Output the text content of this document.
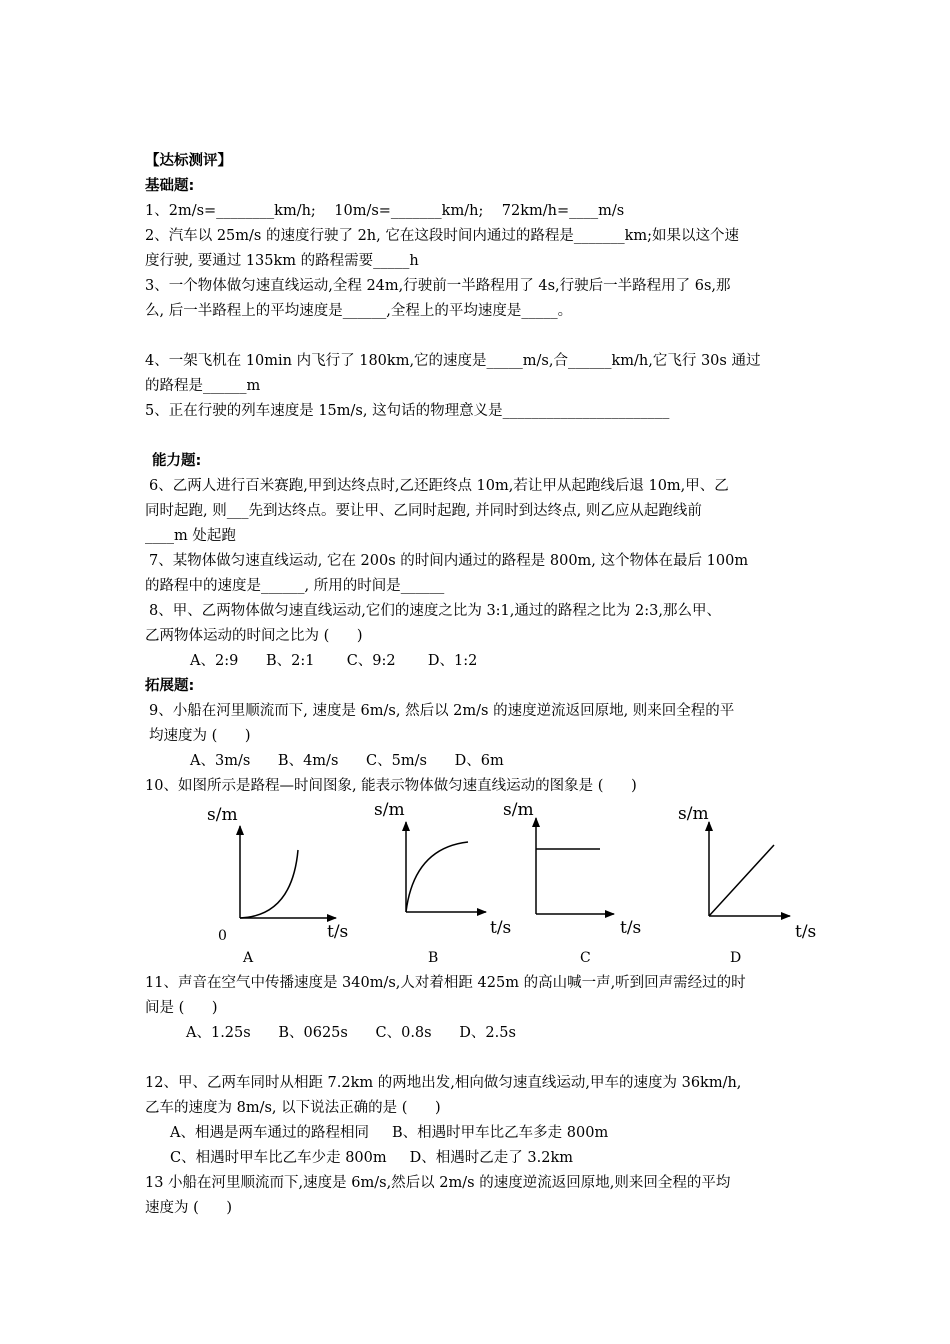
【达标测评】
基础题:
1、2m/s=________km/h;    10m/s=_______km/h;    72km/h=____m/s
2、汽车以 25m/s 的速度行驶了 2h, 它在这段时间内通过的路程是_______km;如果以这个速
度行驶, 要通过 135km 的路程需要_____h
3、一个物体做匀速直线运动,全程 24m,行驶前一半路程用了 4s,行驶后一半路程用了 6s,那
么, 后一半路程上的平均速度是______,全程上的平均速度是_____。
4、一架飞机在 10min 内飞行了 180km,它的速度是_____m/s,合______km/h,它飞行 30s 通过
的路程是______m
5、正在行驶的列车速度是 15m/s, 这句话的物理意义是_______________________
能力题:
6、乙两人进行百米赛跑,甲到达终点时,乙还距终点 10m,若让甲从起跑线后退 10m,甲、乙
同时起跑, 则___先到达终点。要让甲、乙同时起跑, 并同时到达终点, 则乙应从起跑线前
____m 处起跑
7、某物体做匀速直线运动, 它在 200s 的时间内通过的路程是 800m, 这个物体在最后 100m
的路程中的速度是______, 所用的时间是______
8、甲、乙两物体做匀速直线运动,它们的速度之比为 3:1,通过的路程之比为 2:3,那么甲、
乙两物体运动的时间之比为 (      )
A、2:9      B、2:1       C、9:2       D、1:2
拓展题:
9、小船在河里顺流而下, 速度是 6m/s, 然后以 2m/s 的速度逆流返回原地, 则来回全程的平
均速度为 (      )
A、3m/s      B、4m/s      C、5m/s      D、6m
10、如图所示是路程—时间图象, 能表示物体做匀速直线运动的图象是 (      )
s/m
t/s
0
A
s/m
t/s
B
s/m
t/s
C
s/m
t/s
D
11、声音在空气中传播速度是 340m/s,人对着相距 425m 的高山喊一声,听到回声需经过的时
间是 (      )
A、1.25s      B、0625s      C、0.8s      D、2.5s
12、甲、乙两车同时从相距 7.2km 的两地出发,相向做匀速直线运动,甲车的速度为 36km/h,
乙车的速度为 8m/s, 以下说法正确的是 (      )
A、相遇是两车通过的路程相同     B、相遇时甲车比乙车多走 800m
C、相遇时甲车比乙车少走 800m     D、相遇时乙走了 3.2km
13 小船在河里顺流而下,速度是 6m/s,然后以 2m/s 的速度逆流返回原地,则来回全程的平均
速度为 (      )
